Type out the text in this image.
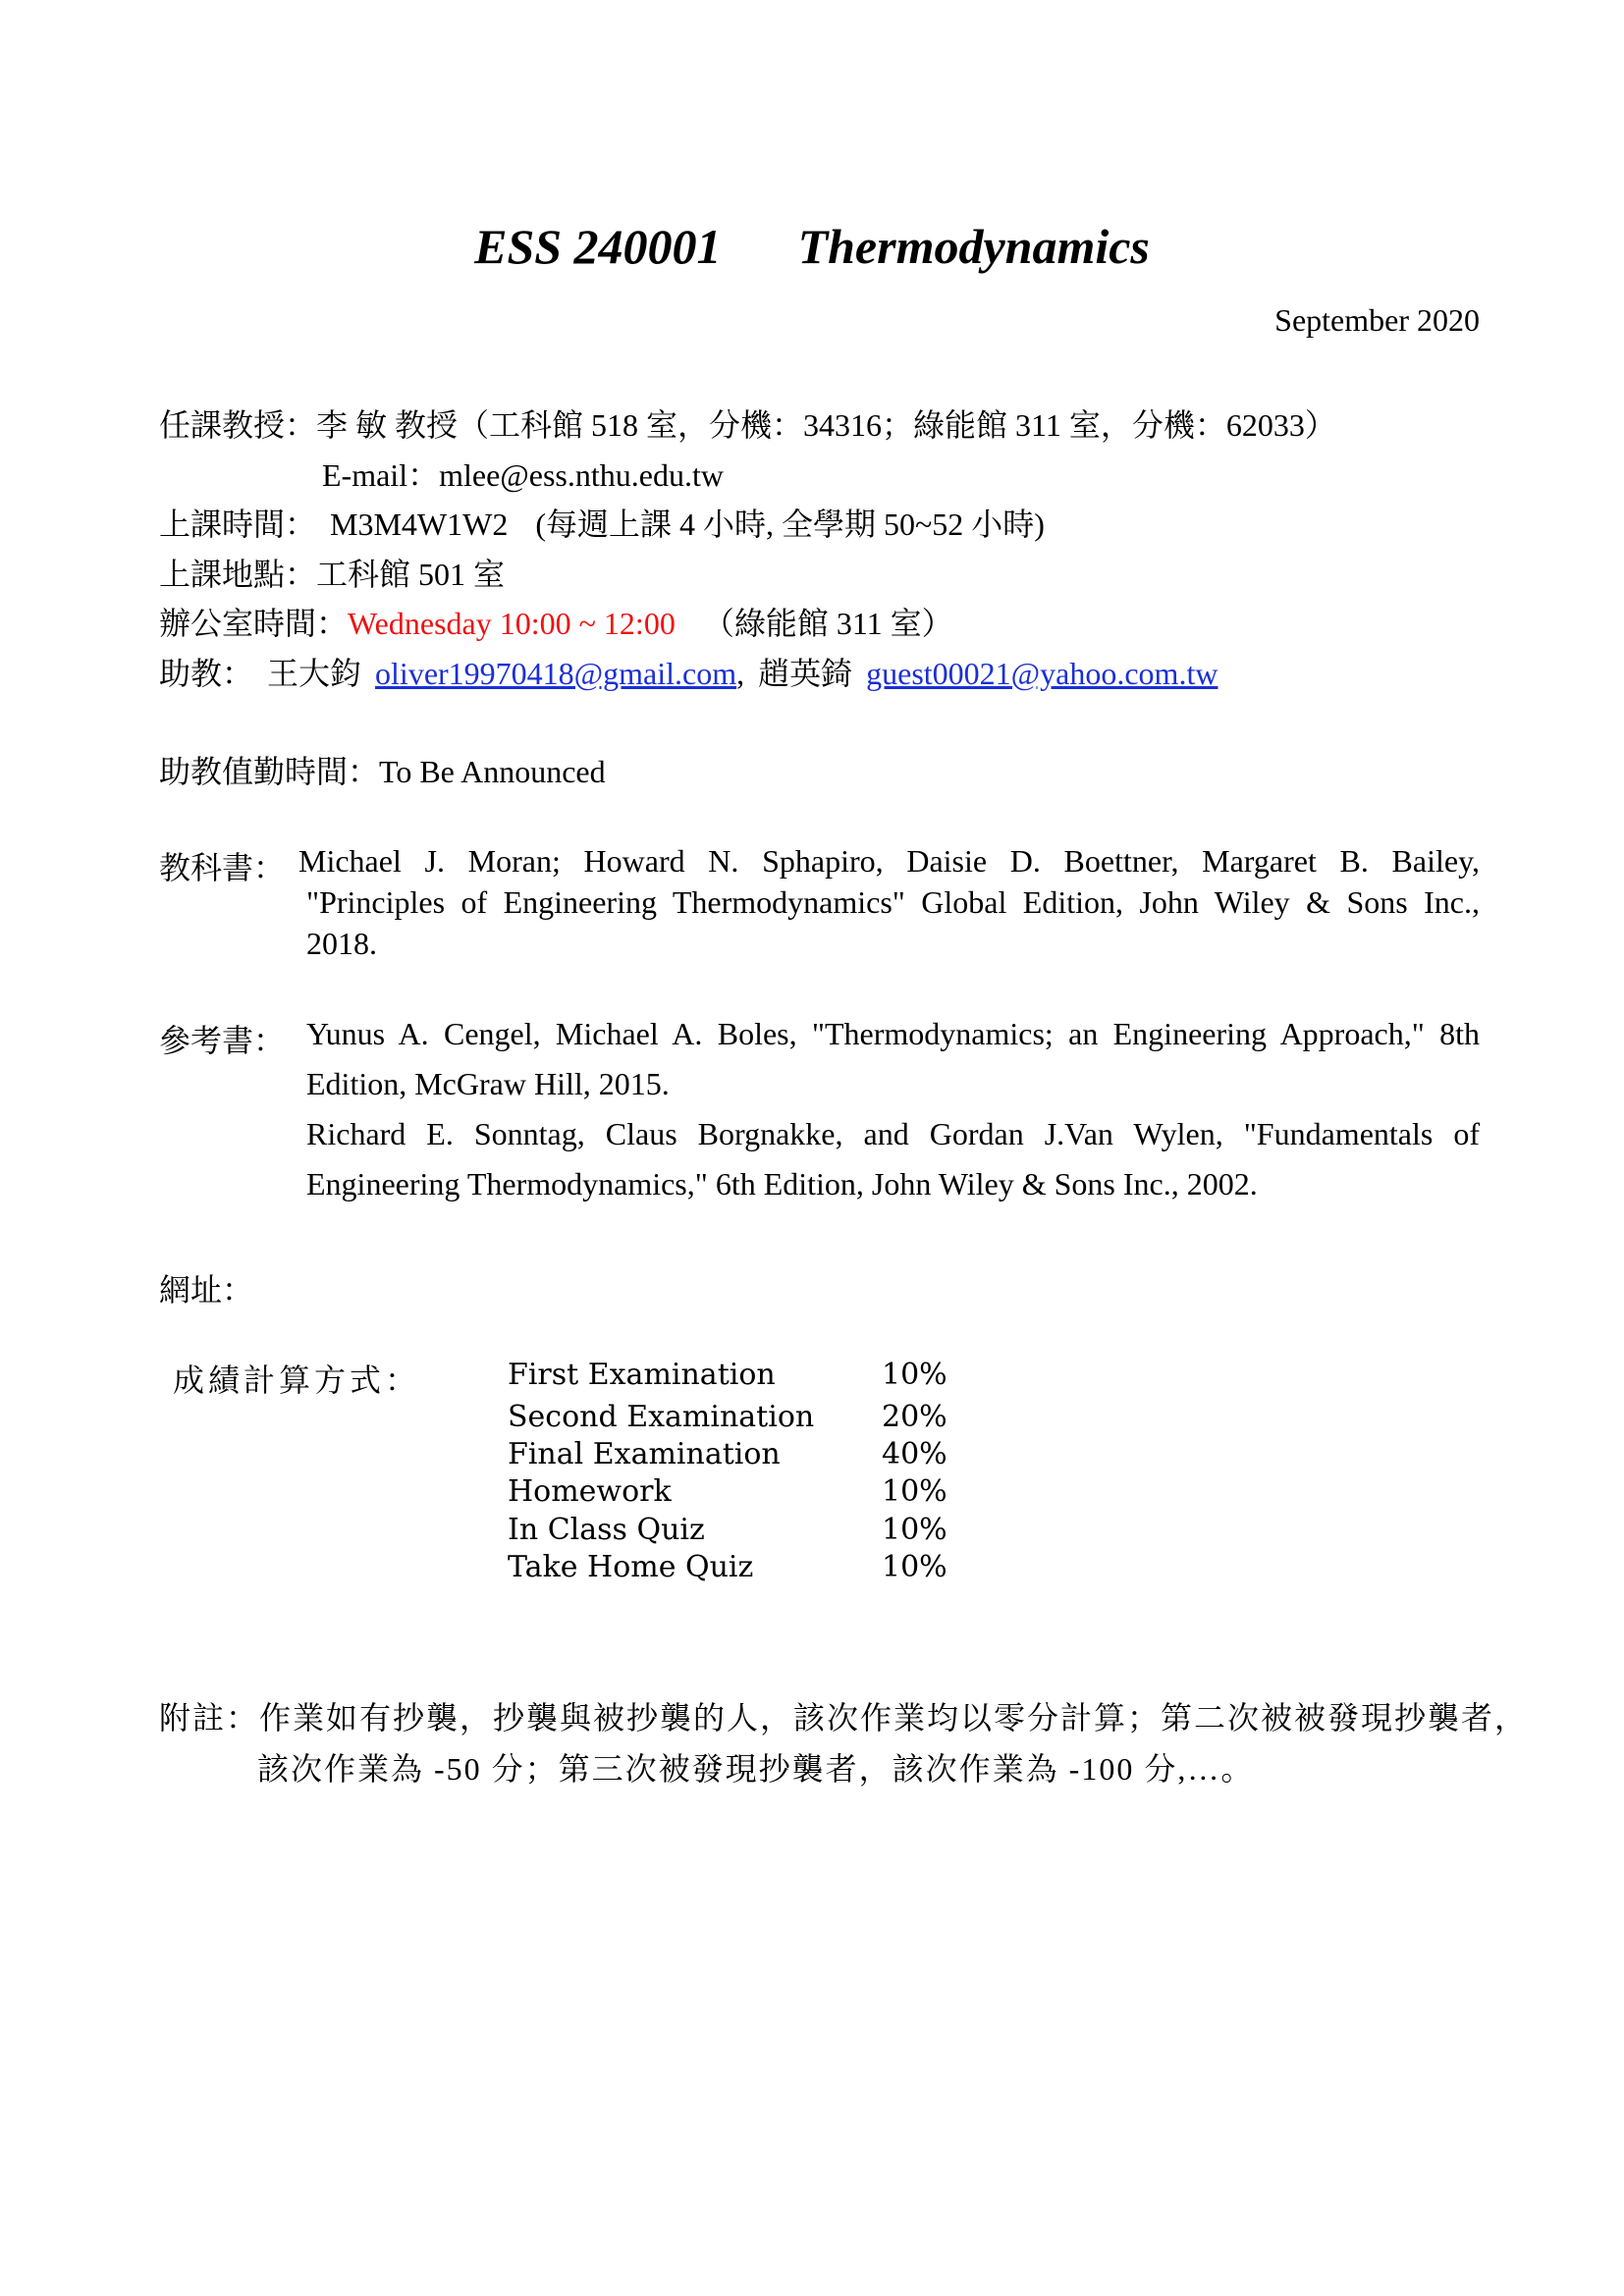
ESS 240001 Thermodynamics
September 2020
任課教授：李 敏 教授（工科館 518 室，分機：34316；綠能館 311 室，分機：62033）
E-mail：mlee@ess.nthu.edu.tw
上課時間： M3M4W1W2 (每週上課 4 小時, 全學期 50~52 小時)
上課地點：工科館 501 室
辦公室時間：Wednesday 10:00 ~ 12:00 （綠能館 311 室）
助教： 王大鈞 oliver19970418@gmail.com, 趙英錡 guest00021@yahoo.com.tw
助教值勤時間：To Be Announced
教科書： Michael J. Moran; Howard N. Sphapiro, Daisie D. Boettner, Margaret B. Bailey,
"Principles of Engineering Thermodynamics" Global Edition, John Wiley & Sons Inc.,
2018.
參考書： Yunus A. Cengel, Michael A. Boles, "Thermodynamics; an Engineering Approach," 8th
Edition, McGraw Hill, 2015.
Richard E. Sonntag, Claus Borgnakke, and Gordan J.Van Wylen, "Fundamentals of
Engineering Thermodynamics," 6th Edition, John Wiley & Sons Inc., 2002.
網址：
成績計算方式：	First Examination	10%
Second Examination 20%
Final Examination	40%
Homework	10%
In Class Quiz	10%
Take Home Quiz	10%
附註：作業如有抄襲，抄襲與被抄襲的人，該次作業均以零分計算；第二次被被發現抄襲者，
該次作業為 -50 分；第三次被發現抄襲者，該次作業為 -100 分,…。
